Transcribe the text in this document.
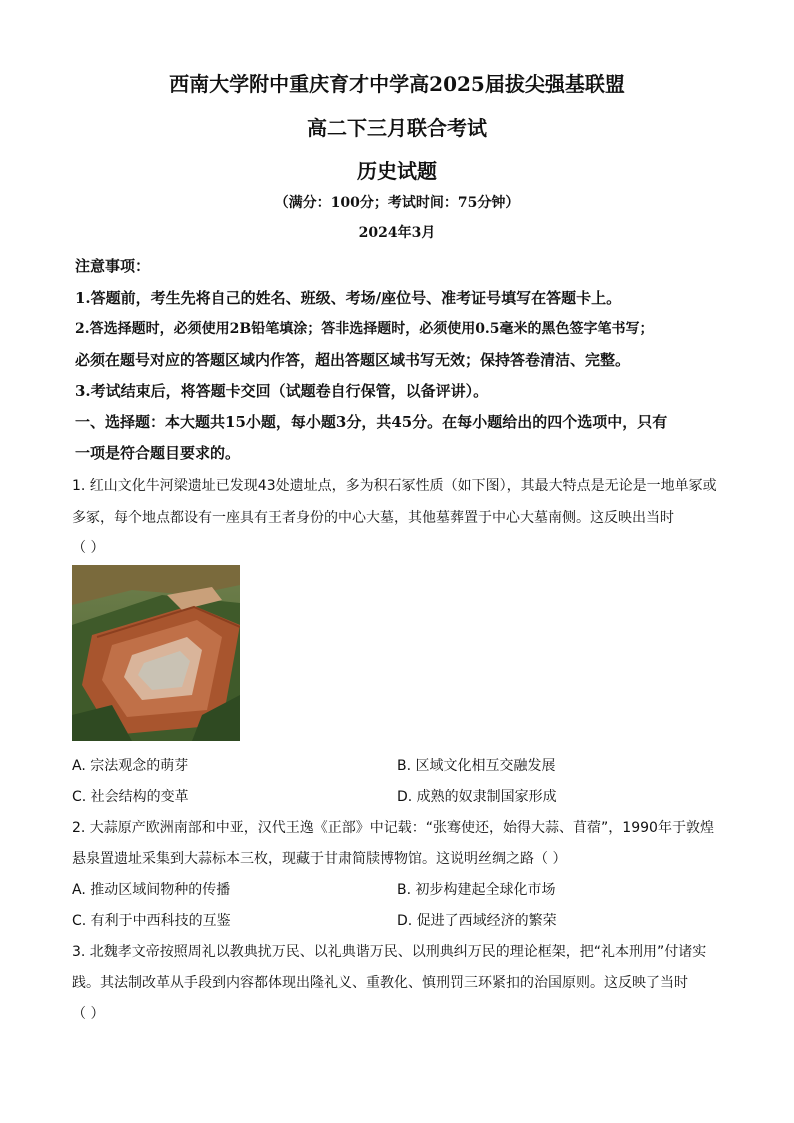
西南大学附中重庆育才中学高2025届拔尖强基联盟
高二下三月联合考试
历史试题
（满分：100分；考试时间：75分钟）
2024年3月
注意事项：
1.答题前，考生先将自己的姓名、班级、考场/座位号、准考证号填写在答题卡上。
2.答选择题时，必须使用2B铅笔填涂；答非选择题时，必须使用0.5毫米的黑色签字笔书写；
必须在题号对应的答题区域内作答，超出答题区域书写无效；保持答卷清洁、完整。
3.考试结束后，将答题卡交回（试题卷自行保管，以备评讲）。
一、选择题：本大题共15小题，每小题3分，共45分。在每小题给出的四个选项中，只有
一项是符合题目要求的。
1. 红山文化牛河梁遗址已发现43处遗址点，多为积石冢性质（如下图），其最大特点是无论是一地单冢或
多冢，每个地点都设有一座具有王者身份的中心大墓，其他墓葬置于中心大墓南侧。这反映出当时
（ ）
A. 宗法观念的萌芽	B. 区域文化相互交融发展
C. 社会结构的变革	D. 成熟的奴隶制国家形成
2. 大蒜原产欧洲南部和中亚，汉代王逸《正部》中记载：“张骞使还，始得大蒜、苜蓿”，1990年于敦煌
悬泉置遗址采集到大蒜标本三枚，现藏于甘肃简牍博物馆。这说明丝绸之路（ ）
A. 推动区域间物种的传播	B. 初步构建起全球化市场
C. 有利于中西科技的互鉴	D. 促进了西域经济的繁荣
3. 北魏孝文帝按照周礼以教典扰万民、以礼典谐万民、以刑典纠万民的理论框架，把“礼本刑用”付诸实
践。其法制改革从手段到内容都体现出隆礼义、重教化、慎刑罚三环紧扣的治国原则。这反映了当时
（ ）
